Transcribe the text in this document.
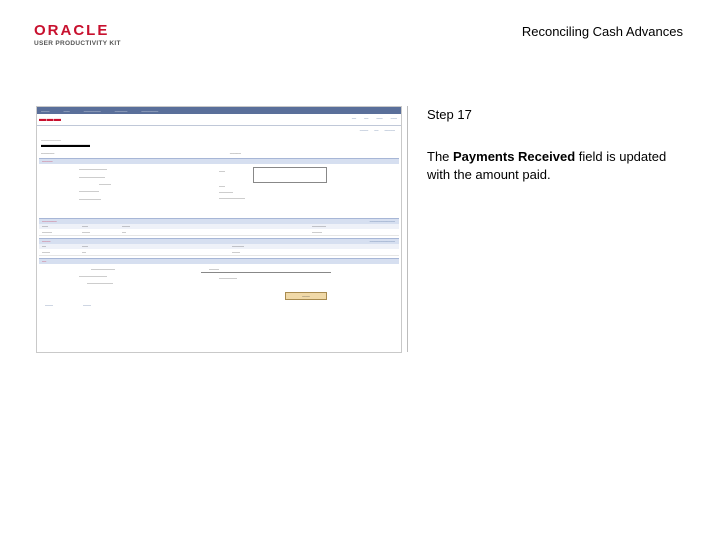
ORACLE
USER PRODUCTIVITY KIT
Reconciling Cash Advances
‒‒‒‒	‒‒‒	‒‒‒‒‒‒‒‒	‒‒‒‒‒‒	‒‒‒‒‒‒‒‒
▬▬▬	‒‒ ‒‒ ‒‒‒ ‒‒‒
‒‒‒‒ ‒‒ ‒‒‒‒‒
‒‒‒‒‒‒‒‒‒
▬▬▬▬▬▬▬
‒‒‒‒‒‒	‒‒‒‒‒
‒‒‒‒‒
‒‒‒‒‒‒‒‒‒‒‒‒‒‒
‒‒‒‒‒‒‒‒‒‒‒‒‒
‒‒‒‒‒‒
‒‒‒‒‒‒‒‒‒‒
‒‒‒‒‒‒‒‒‒‒‒
‒‒‒
‒‒‒
‒‒‒‒‒‒‒
‒‒‒‒‒‒‒‒‒‒‒‒‒
‒‒‒‒‒‒‒	‒‒‒‒‒‒‒‒‒‒‒‒
‒‒‒	‒‒‒	‒‒‒‒	‒‒‒‒‒‒‒
‒‒‒‒‒	‒‒‒‒	‒‒	‒‒‒‒‒
‒‒‒‒	‒‒‒‒‒‒‒‒‒‒‒‒
‒‒	‒‒‒	‒‒‒‒‒‒
‒‒‒‒	‒‒	‒‒‒‒
‒‒
‒‒‒‒‒‒‒‒‒‒‒‒
‒‒‒‒‒‒‒‒‒‒‒‒‒‒
‒‒‒‒‒‒‒‒‒‒‒‒‒
‒‒‒‒‒
‒‒‒‒‒‒‒‒‒
‒‒‒‒
‒‒‒‒	‒‒‒‒
Step 17
The Payments Received field is updated with the amount paid.
